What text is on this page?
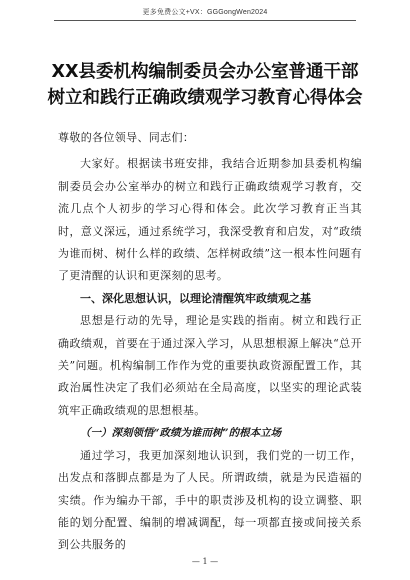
更多免费公文+VX：GGGongWen2024
XX县委机构编制委员会办公室普通干部
树立和践行正确政绩观学习教育心得体会

尊敬的各位领导、同志们：

大家好。根据读书班安排，我结合近期参加县委机构编制委员会办公室举办的树立和践行正确政绩观学习教育，交流几点个人初步的学习心得和体会。此次学习教育正当其时，意义深远，通过系统学习，我深受教育和启发，对“政绩为谁而树、树什么样的政绩、怎样树政绩”这一根本性问题有了更清醒的认识和更深刻的思考。

一、深化思想认识，以理论清醒筑牢政绩观之基

思想是行动的先导，理论是实践的指南。树立和践行正确政绩观，首要在于通过深入学习，从思想根源上解决“总开关”问题。机构编制工作作为党的重要执政资源配置工作，其政治属性决定了我们必须站在全局高度，以坚实的理论武装筑牢正确政绩观的思想根基。

（一）深刻领悟“政绩为谁而树”的根本立场

通过学习，我更加深刻地认识到，我们党的一切工作，出发点和落脚点都是为了人民。所谓政绩，就是为民造福的实绩。作为编办干部，手中的职责涉及机构的设立调整、职能的划分配置、编制的增减调配，每一项都直接或间接关系到公共服务的

— 1 —
